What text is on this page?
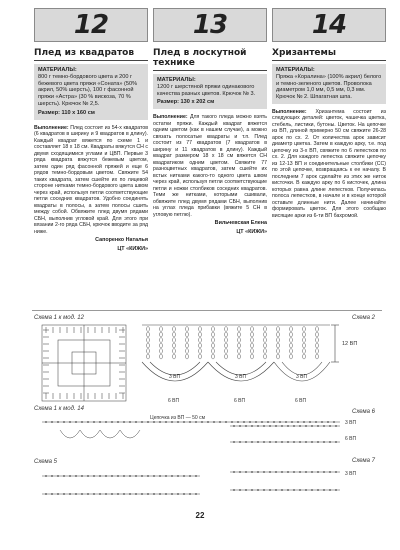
12
Плед из квадратов
МАТЕРИАЛЫ:
800 г темно-бордового цвета и 200 г бежевого цвета пряжи «Соната» (50% акрил, 50% шерсть), 100 г фасонной пряжи «Астра» (30 % вискоза, 70 % шерсть). Крючок № 2,5.
Размер: 110 х 160 см
Выполнение: Плед состоит из 54-х квадратов (6 квадратов в ширину и 9 квадратов в длину). Каждый квадрат вяжется по схеме 1 и составляет 18 х 18 см. Квадраты вяжутся СН с двумя сходящимися углами и ЦВП. Первые 3 ряда квадрата вяжутся бежевым цветом, затем один ряд фасонной пряжей и еще 6 рядов темно-бордовым цветом. Свяжите 54 таких квадрата, затем сшейте их по лицевой стороне нитками темно-бордового цвета швом через край, используя петли соответствующие петли соседних квадратов. Удобно соединять квадраты в полосы, а затем полосы сшить между собой. Обвяжите плед двумя рядами СБН, выполнив угловой край. Для этого при вязании 2-го ряда СБН, крючок вводите за ряд ниже.
Сапоренко Наталья
ЦТ «КИЖИ»
13
Плед в лоскутной технике
МАТЕРИАЛЫ:
1200 г шерстяной пряжи одинакового качества разных цветов. Крючок № 3.
Размер: 130 х 202 см
Выполнение: Для такого пледа можно взять остатки пряжи. Каждый квадрат вяжется одним цветом (как в нашем случае), а можно связать полосатые квадраты и т.п. Плед состоит из 77 квадратов (7 квадратов в ширину и 11 квадратов в длину). Каждый квадрат размером 18 х 18 см вяжется СН квадратиком одним цветом. Свяжите 77 разноцветных квадратов, затем сшейте их встык нитками какого-то одного цвета швом через край, используя петли соответствующие петли и ножки столбиков соседних квадратов. Теми же нитками, которыми сшивали, обвяжите плед двумя рядами СБН, выполнив на углах пледа прибавки (вяжите 5 СН в угловую петлю).
Вильчевская Елена
ЦТ «КИЖИ»
14
Хризантемы
МАТЕРИАЛЫ:
Пряжа «Коралина» (100% акрил) белого и темно-зеленого цветов. Проволока диаметром 1,0 мм, 0,5 мм, 0,3 мм. Крючок № 2. Шпагатная шпа.
Выполнение: Хризантема состоит из следующих деталей: цветок, чашечка цветка, стебель, листики, бутоны. Цветок. На цепочке из ВП, длиной примерно 50 см свяжите 26-28 арок по сх. 2. От количества арок зависит диаметр цветка. Затем в каждую арку, т.е. под цепочку из 3-х ВП, свяжите по 6 лепестков по сх. 2. Для каждого лепестка свяжите цепочку из 12-13 ВП и соединительные столбики (СС) по этой цепочке, возвращаясь к ее началу. В последнем 7 арок сделайте из этих же ниток кисточки. В каждую арку по 6 кисточек, длина которых равна длине лепестков. Получилась полоса лепестков, в начале и в конце которой оставьте длинные нити. Далее начинайте формировать цветок. Для этого сообщаю висящие арки из 6-ти ВП бахромой.
Схема 1 к мод. 12	Схема 2
Схема 1 к мод. 14	Схема 6
Схема 5	Схема 7
12 ВП
3 ВП	3 ВП	3 ВП
6 ВП	6 ВП	6 ВП
Цепочка из ВП — 50 см
3 ВП
6 ВП
3 ВП
22
